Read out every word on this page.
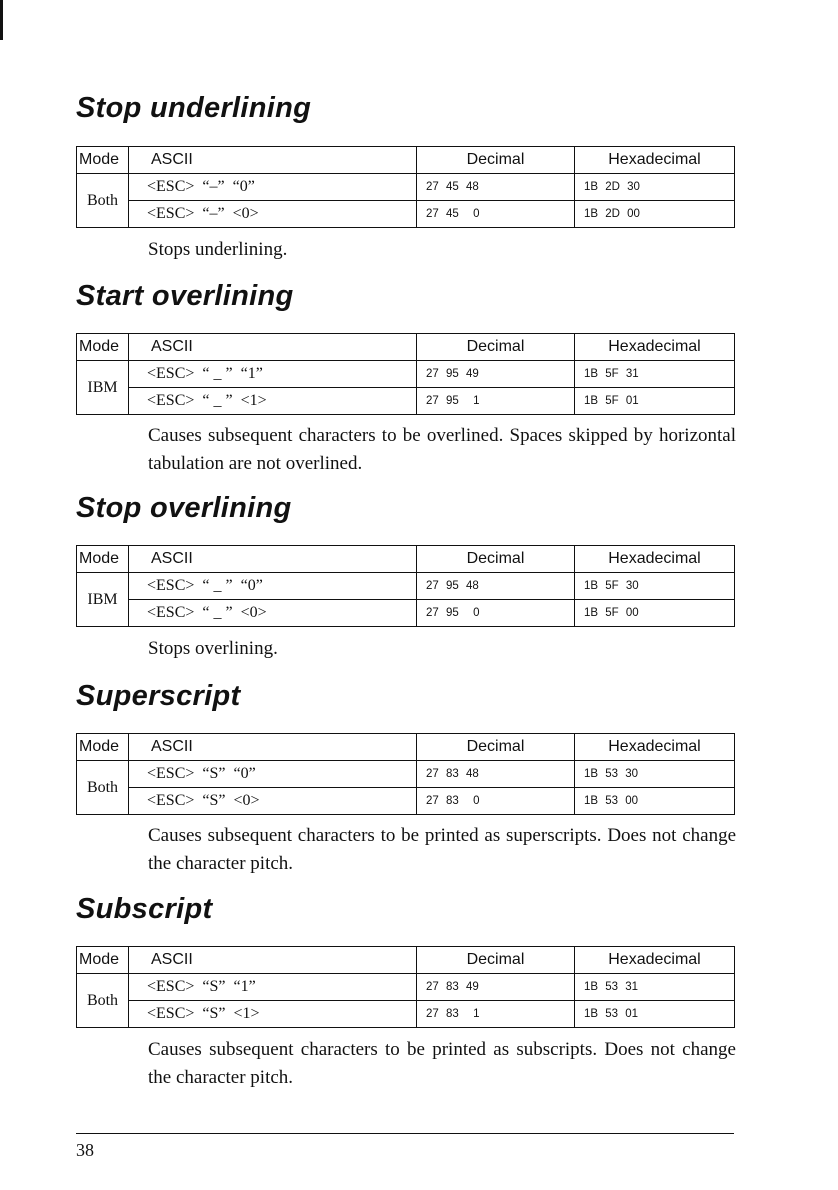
Stop underlining
Mode	ASCII	Decimal	Hexadecimal
Both	<ESC>  “–”  “0”	27 45 48	1B 2D 30
	<ESC>  “–”  <0>	27 45  0	1B 2D 00
Stops underlining.
Start overlining
Mode	ASCII	Decimal	Hexadecimal
IBM	<ESC>  “ _ ”  “1”	27 95 49	1B 5F 31
	<ESC>  “ _ ”  <1>	27 95  1	1B 5F 01
Causes subsequent characters to be overlined. Spaces skipped by horizontal tabulation are not overlined.
Stop overlining
Mode	ASCII	Decimal	Hexadecimal
IBM	<ESC>  “ _ ”  “0”	27 95 48	1B 5F 30
	<ESC>  “ _ ”  <0>	27 95  0	1B 5F 00
Stops overlining.
Superscript
Mode	ASCII	Decimal	Hexadecimal
Both	<ESC>  “S”  “0”	27 83 48	1B 53 30
	<ESC>  “S”  <0>	27 83  0	1B 53 00
Causes subsequent characters to be printed as superscripts. Does not change the character pitch.
Subscript
Mode	ASCII	Decimal	Hexadecimal
Both	<ESC>  “S”  “1”	27 83 49	1B 53 31
	<ESC>  “S”  <1>	27 83  1	1B 53 01
Causes subsequent characters to be printed as subscripts. Does not change the character pitch.
38
